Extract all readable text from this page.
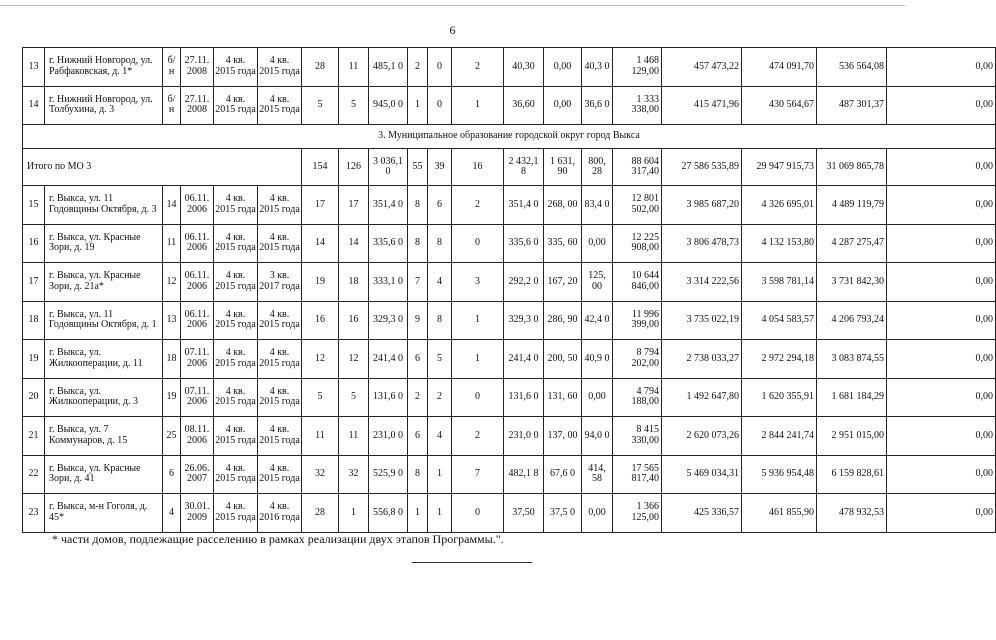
6
13	г. Нижний Новгород, ул. Рабфаковская, д. 1*	б/ н	27.11. 2008	4 кв. 2015 года	4 кв. 2015 года	28	11	485,1 0	2	0	2	40,30	0,00	40,3 0	1 468 129,00	457 473,22	474 091,70	536 564,08	0,00
14	г. Нижний Новгород, ул. Толбухина, д. 3	б/ н	27.11. 2008	4 кв. 2015 года	4 кв. 2015 года	5	5	945,0 0	1	0	1	36,60	0,00	36,6 0	1 333 338,00	415 471,96	430 564,67	487 301,37	0,00
3. Муниципальное образование городской округ город Выкса																			
Итого по МО 3						154	126	3 036,1 0	55	39	16	2 432,1 8	1 631, 90	800, 28	88 604 317,40	27 586 535,89	29 947 915,73	31 069 865,78	0,00
15	г. Выкса, ул. 11 Годовщины Октября, д. 3	14	06.11. 2006	4 кв. 2015 года	4 кв. 2015 года	17	17	351,4 0	8	6	2	351,4 0	268, 00	83,4 0	12 801 502,00	3 985 687,20	4 326 695,01	4 489 119,79	0,00
16	г. Выкса, ул. Красные Зори, д. 19	11	06.11. 2006	4 кв. 2015 года	4 кв. 2015 года	14	14	335,6 0	8	8	0	335,6 0	335, 60	0,00	12 225 908,00	3 806 478,73	4 132 153,80	4 287 275,47	0,00
17	г. Выкса, ул. Красные Зори, д. 21а*	12	06.11. 2006	4 кв. 2015 года	3 кв. 2017 года	19	18	333,1 0	7	4	3	292,2 0	167, 20	125, 00	10 644 846,00	3 314 222,56	3 598 781,14	3 731 842,30	0,00
18	г. Выкса, ул. 11 Годовщины Октября, д. 1	13	06.11. 2006	4 кв. 2015 года	4 кв. 2015 года	16	16	329,3 0	9	8	1	329,3 0	286, 90	42,4 0	11 996 399,00	3 735 022,19	4 054 583,57	4 206 793,24	0,00
19	г. Выкса, ул. Жилкооперации, д. 11	18	07.11. 2006	4 кв. 2015 года	4 кв. 2015 года	12	12	241,4 0	6	5	1	241,4 0	200, 50	40,9 0	8 794 202,00	2 738 033,27	2 972 294,18	3 083 874,55	0,00
20	г. Выкса, ул. Жилкооперации, д. 3	19	07.11. 2006	4 кв. 2015 года	4 кв. 2015 года	5	5	131,6 0	2	2	0	131,6 0	131, 60	0,00	4 794 188,00	1 492 647,80	1 620 355,91	1 681 184,29	0,00
21	г. Выкса, ул. 7 Коммунаров, д. 15	25	08.11. 2006	4 кв. 2015 года	4 кв. 2015 года	11	11	231,0 0	6	4	2	231,0 0	137, 00	94,0 0	8 415 330,00	2 620 073,26	2 844 241,74	2 951 015,00	0,00
22	г. Выкса, ул. Красные Зори, д. 41	6	26.06. 2007	4 кв. 2015 года	4 кв. 2015 года	32	32	525,9 0	8	1	7	482,1 8	67,6 0	414, 58	17 565 817,40	5 469 034,31	5 936 954,48	6 159 828,61	0,00
23	г. Выкса, м-н Гоголя, д. 45*	4	30.01. 2009	4 кв. 2015 года	4 кв. 2016 года	28	1	556,8 0	1	1	0	37,50	37,5 0	0,00	1 366 125,00	425 336,57	461 855,90	478 932,53	0,00
* части домов, подлежащие расселению в рамках реализации двух этапов Программы.".
